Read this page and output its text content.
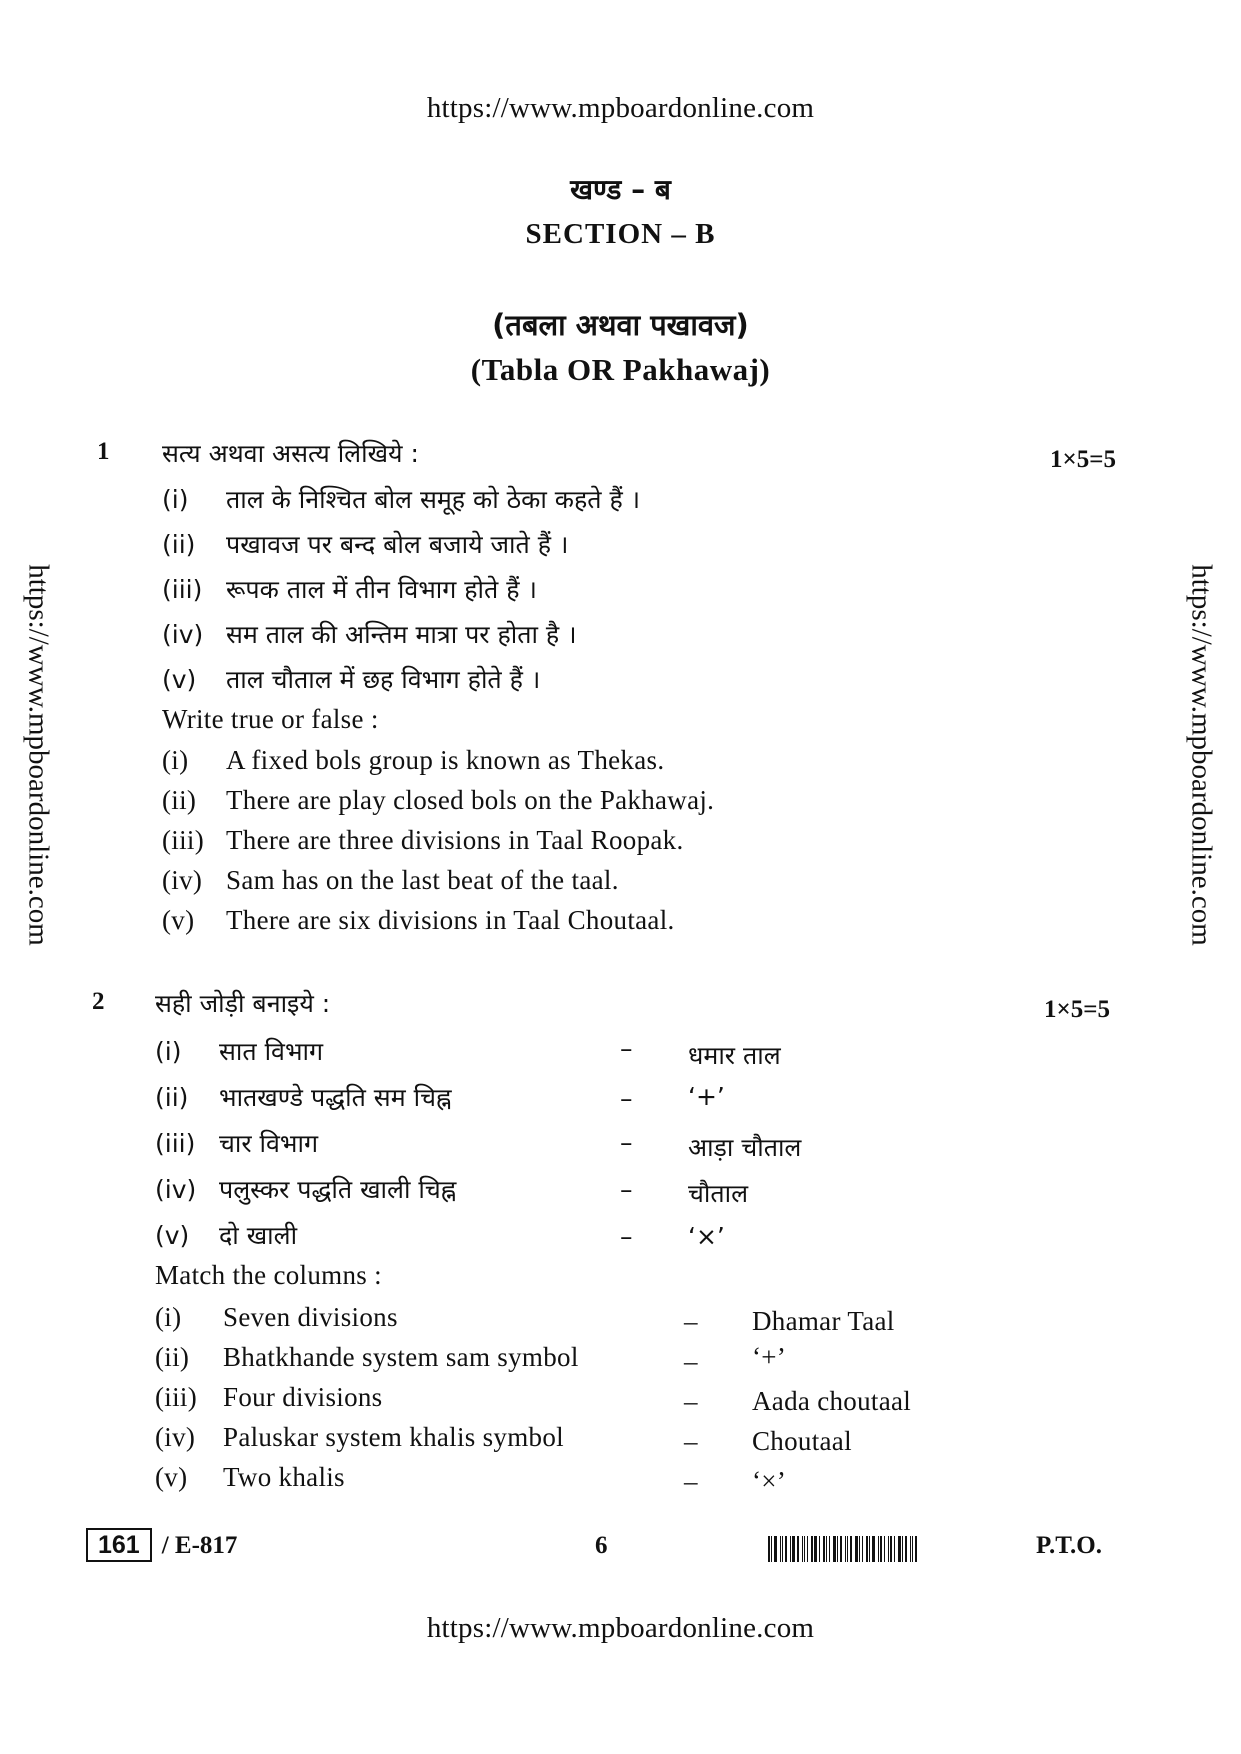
https://www.mpboardonline.com
https://www.mpboardonline.com	https://www.mpboardonline.com
खण्ड – ब
SECTION – B
(तबला अथवा पखावज)
(Tabla OR Pakhawaj)
1	1×5=5
सत्य अथवा असत्य लिखिये :
(i) ताल के निश्चित बोल समूह को ठेका कहते हैं ।
(ii) पखावज पर बन्द बोल बजाये जाते हैं ।
(iii) रूपक ताल में तीन विभाग होते हैं ।
(iv) सम ताल की अन्तिम मात्रा पर होता है ।
(v) ताल चौताल में छह विभाग होते हैं ।
Write true or false :
(i) A fixed bols group is known as Thekas.
(ii) There are play closed bols on the Pakhawaj.
(iii) There are three divisions in Taal Roopak.
(iv) Sam has on the last beat of the taal.
(v) There are six divisions in Taal Choutaal.
2	1×5=5
सही जोड़ी बनाइये :
(i) सात विभाग	– धमार ताल
(ii) भातखण्डे पद्धति सम चिह्न	– ‘+’
(iii) चार विभाग	– आड़ा चौताल
(iv) पलुस्कर पद्धति खाली चिह्न	– चौताल
(v) दो खाली	– ‘×’
Match the columns :
(i) Seven divisions	– Dhamar Taal
(ii) Bhatkhande system sam symbol	– ‘+’
(iii) Four divisions	– Aada choutaal
(iv) Paluskar system khalis symbol	– Choutaal
(v) Two khalis	– ‘×’
161 / E-817	6	P.T.O.
https://www.mpboardonline.com
